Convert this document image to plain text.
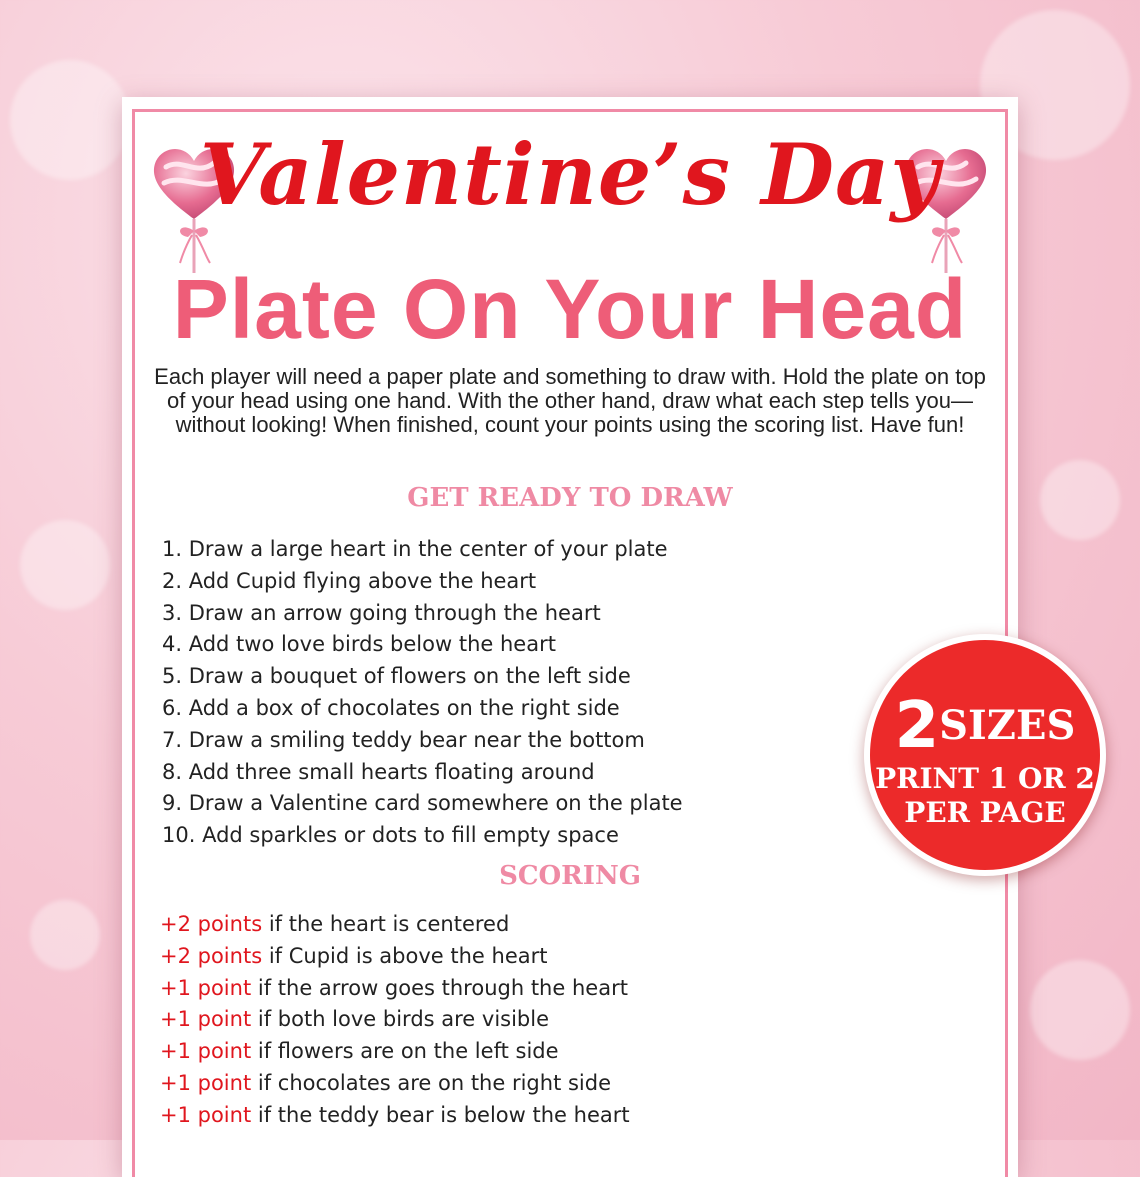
Valentine’s Day
Plate On Your Head
Each player will need a paper plate and something to draw with. Hold the plate on top of your head using one hand. With the other hand, draw what each step tells you—without looking! When finished, count your points using the scoring list. Have fun!
GET READY TO DRAW
1. Draw a large heart in the center of your plate
2. Add Cupid flying above the heart
3. Draw an arrow going through the heart
4. Add two love birds below the heart
5. Draw a bouquet of flowers on the left side
6. Add a box of chocolates on the right side
7. Draw a smiling teddy bear near the bottom
8. Add three small hearts floating around
9. Draw a Valentine card somewhere on the plate
10. Add sparkles or dots to fill empty space
SCORING
+2 points if the heart is centered
+2 points if Cupid is above the heart
+1 point if the arrow goes through the heart
+1 point if both love birds are visible
+1 point if flowers are on the left side
+1 point if chocolates are on the right side
+1 point if the teddy bear is below the heart
2SIZES
PRINT 1 OR 2
PER PAGE
